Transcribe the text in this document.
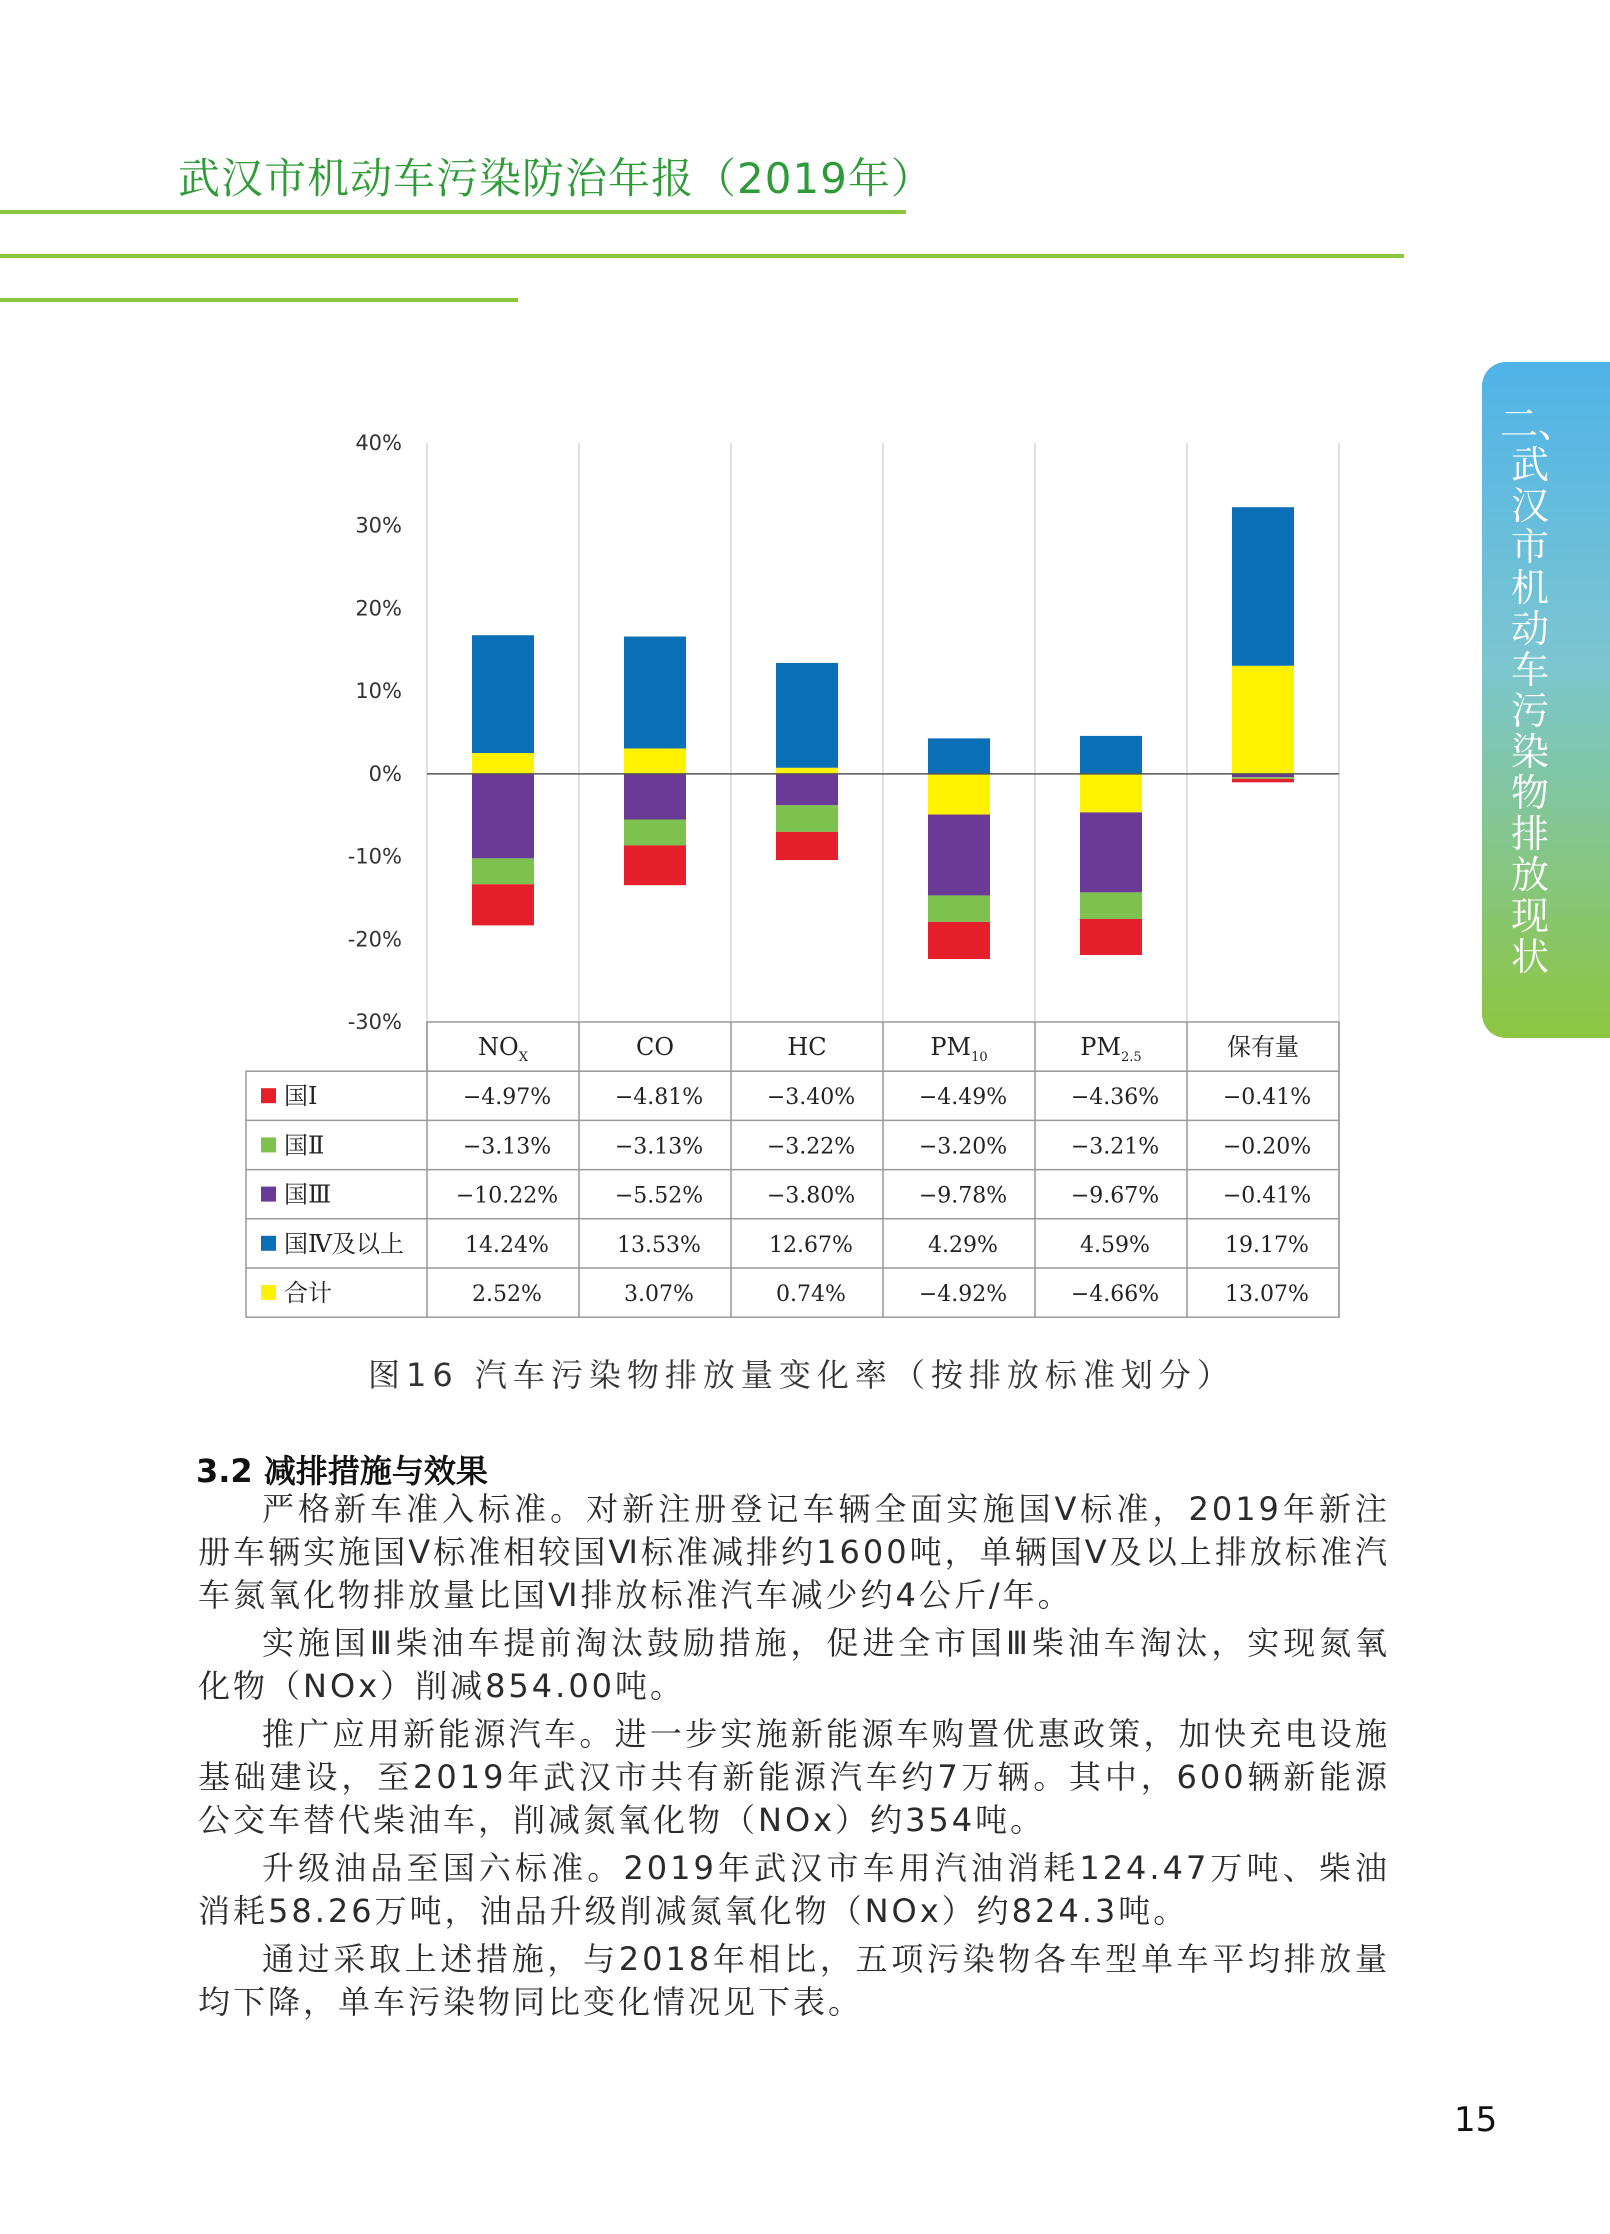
武汉市机动车污染防治年报（2019年）
二、武汉市机动车污染物排放现状
40%
30%
20%
10%
0%
-10%
-20%
-30%
$NO_X$	CO	HC	$PM_{10}$	$PM_{2.5}$	保有量
国Ⅰ	−4.97%	−4.81%	−3.40%	−4.49%	−4.36%	−0.41%
国Ⅱ	−3.13%	−3.13%	−3.22%	−3.20%	−3.21%	−0.20%
国Ⅲ	−10.22%	−5.52%	−3.80%	−9.78%	−9.67%	−0.41%
国Ⅳ及以上	14.24%	13.53%	12.67%	4.29%	4.59%	19.17%
合计	2.52%	3.07%	0.74%	−4.92%	−4.66%	13.07%
图16 汽车污染物排放量变化率（按排放标准划分）
3.2 减排措施与效果

严格新车准入标准。对新注册登记车辆全面实施国Ⅴ标准，2019年新注册车辆实施国Ⅴ标准相较国Ⅵ标准减排约1600吨，单辆国Ⅴ及以上排放标准汽车氮氧化物排放量比国Ⅵ排放标准汽车减少约4公斤/年。

实施国Ⅲ柴油车提前淘汰鼓励措施，促进全市国Ⅲ柴油车淘汰，实现氮氧化物（NOx）削减854.00吨。

推广应用新能源汽车。进一步实施新能源车购置优惠政策，加快充电设施基础建设，至2019年武汉市共有新能源汽车约7万辆。其中，600辆新能源公交车替代柴油车，削减氮氧化物（NOx）约354吨。

升级油品至国六标准。2019年武汉市车用汽油消耗124.47万吨、柴油消耗58.26万吨，油品升级削减氮氧化物（NOx）约824.3吨。

通过采取上述措施，与2018年相比，五项污染物各车型单车平均排放量均下降，单车污染物同比变化情况见下表。

15
